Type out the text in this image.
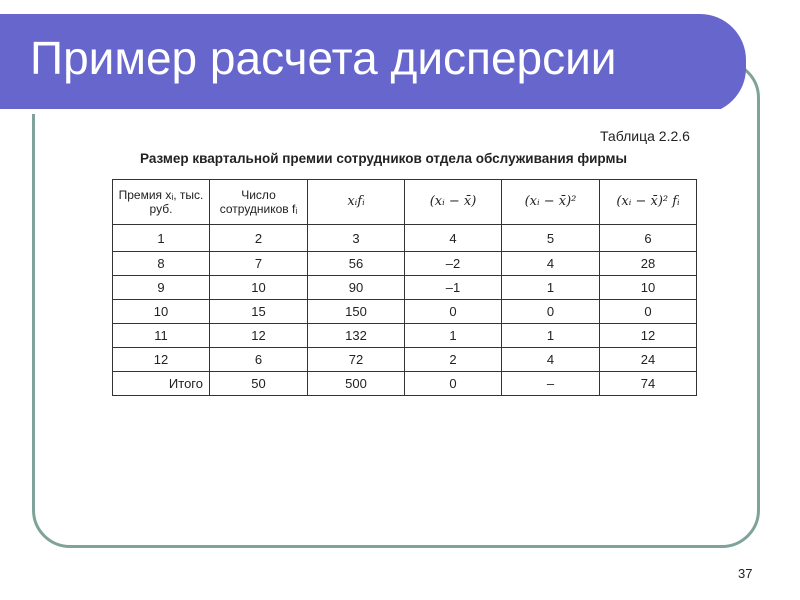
Пример расчета дисперсии
Таблица 2.2.6
Размер квартальной премии сотрудников отдела обслуживания фирмы
Премия xᵢ, тыс. руб.	Число сотрудников fᵢ	xᵢfᵢ	(xᵢ − x̄)	(xᵢ − x̄)²	(xᵢ − x̄)² fᵢ
1	2	3	4	5	6
8	7	56	–2	4	28
9	10	90	–1	1	10
10	15	150	0	0	0
11	12	132	1	1	12
12	6	72	2	4	24
Итого	50	500	0	–	74
37
